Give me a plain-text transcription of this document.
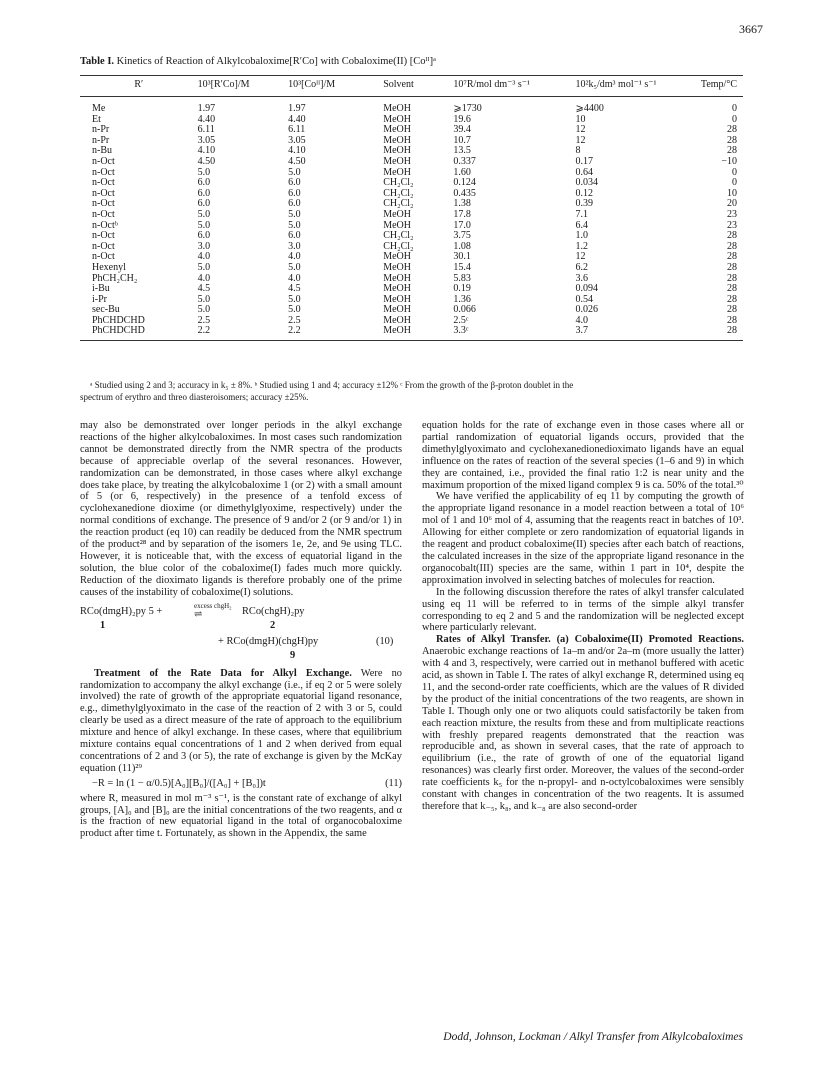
3667
Table I. Kinetics of Reaction of Alkylcobaloxime[R′Co] with Cobaloxime(II) [Coᴵᴵ]ᵃ
R′	10³[R′Co]/M	10³[Coᴵᴵ]/M	Solvent	10⁷R/mol dm⁻³ s⁻¹	10²k₅/dm³ mol⁻¹ s⁻¹	Temp/°C
Me	1.97	1.97	MeOH	⩾1730	⩾4400	0
Et	4.40	4.40	MeOH	19.6	10	0
n-Pr	6.11	6.11	MeOH	39.4	12	28
n-Pr	3.05	3.05	MeOH	10.7	12	28
n-Bu	4.10	4.10	MeOH	13.5	8	28
n-Oct	4.50	4.50	MeOH	0.337	0.17	−10
n-Oct	5.0	5.0	MeOH	1.60	0.64	0
n-Oct	6.0	6.0	CH₂Cl₂	0.124	0.034	0
n-Oct	6.0	6.0	CH₂Cl₂	0.435	0.12	10
n-Oct	6.0	6.0	CH₂Cl₂	1.38	0.39	20
n-Oct	5.0	5.0	MeOH	17.8	7.1	23
n-Octᵇ	5.0	5.0	MeOH	17.0	6.4	23
n-Oct	6.0	6.0	CH₂Cl₂	3.75	1.0	28
n-Oct	3.0	3.0	CH₂Cl₂	1.08	1.2	28
n-Oct	4.0	4.0	MeOH	30.1	12	28
Hexenyl	5.0	5.0	MeOH	15.4	6.2	28
PhCH₂CH₂	4.0	4.0	MeOH	5.83	3.6	28
i-Bu	4.5	4.5	MeOH	0.19	0.094	28
i-Pr	5.0	5.0	MeOH	1.36	0.54	28
sec-Bu	5.0	5.0	MeOH	0.066	0.026	28
PhCHDCHD	2.5	2.5	MeOH	2.5ᶜ	4.0	28
PhCHDCHD	2.2	2.2	MeOH	3.3ᶜ	3.7	28

ᵃ Studied using 2 and 3; accuracy in k₅ ± 8%. ᵇ Studied using 1 and 4; accuracy ±12% ᶜ From the growth of the β-proton doublet in the

spectrum of erythro and threo diasteroisomers; accuracy ±25%.

may also be demonstrated over longer periods in the alkyl exchange reactions of the higher alkylcobaloximes. In most cases such randomization cannot be demonstrated directly from the NMR spectra of the products because of appreciable overlap of the several resonances. However, randomization can be demonstrated, in those cases where alkyl exchange does take place, by treating the alkylcobaloxime 1 (or 2) with a small amount of 5 (or 6, respectively) in the presence of a tenfold excess of cyclohexanedione dioxime (or dimethylglyoxime, respectively) under the normal conditions of exchange. The presence of 9 and/or 2 (or 9 and/or 1) in the reaction product (eq 10) can readily be deduced from the NMR spectrum of the product²⁸ and by separation of the isomers 1e, 2e, and 9e using TLC. However, it is noticeable that, with the excess of equatorial ligand in the solution, the blue color of the cobaloxime(I) fades much more quickly. Reduction of the dioximato ligands is therefore probably one of the prime causes of the instability of cobaloxime(I) solutions.

RCo(dmgH)₂py 5 +	excess chgH₂
⇌	RCo(chgH)₂py
1	2
+ RCo(dmgH)(chgH)py	(10)
9

Treatment of the Rate Data for Alkyl Exchange. Were no randomization to accompany the alkyl exchange (i.e., if eq 2 or 5 were solely involved) the rate of growth of the appropriate equatorial ligand resonance, e.g., dimethylglyoximato in the case of the reaction of 2 with 3 or 5, could clearly be used as a direct measure of the rate of approach to the equilibrium mixture and hence of alkyl exchange. In these cases, where that equilibrium mixture contains equal concentrations of 1 and 2 when derived from equal concentrations of 2 and 3 (or 5), the rate of exchange is given by the McKay equation (11)²⁹

−R = ln (1 − α/0.5)[A₀][B₀]/([A₀] + [B₀])t	(11)

where R, measured in mol m⁻³ s⁻¹, is the constant rate of exchange of alkyl groups, [A]₀ and [B]₀ are the initial concentrations of the two reagents, and α is the fraction of new equatorial ligand in the total of organocobaloxime product after time t. Fortunately, as shown in the Appendix, the same

equation holds for the rate of exchange even in those cases where all or partial randomization of equatorial ligands occurs, provided that the dimethylglyoximato and cyclohexanedionedioximato ligands have an equal influence on the rates of reaction of the several species (1–6 and 9) in which they are contained, i.e., provided the final ratio 1:2 is near unity and the maximum proportion of the mixed ligand complex 9 is ca. 50% of the total.³⁰

We have verified the applicability of eq 11 by computing the growth of the appropriate ligand resonance in a model reaction between a total of 10⁶ mol of 1 and 10⁶ mol of 4, assuming that the reagents react in batches of 10³. Allowing for either complete or zero randomization of equatorial ligands in the reagent and product cobaloxime(II) species after each batch of reactions, the calculated increases in the size of the appropriate ligand resonance in the organocobalt(III) species are the same, within 1 part in 10⁴, despite the approximation involved in selecting batches of molecules for reaction.

In the following discussion therefore the rates of alkyl transfer calculated using eq 11 will be referred to in terms of the simple alkyl transfer corresponding to eq 2 and 5 and the randomization will be neglected except where particularly relevant.

Rates of Alkyl Transfer. (a) Cobaloxime(II) Promoted Reactions. Anaerobic exchange reactions of 1a–m and/or 2a–m (more usually the latter) with 4 and 3, respectively, were carried out in methanol buffered with acetic acid, as shown in Table I. The rates of alkyl exchange R, determined using eq 11, and the second-order rate coefficients, which are the values of R divided by the product of the initial concentrations of the two reagents, are shown in Table I. Though only one or two aliquots could satisfactorily be taken from each reaction mixture, the results from these and from multiplicate reactions with freshly prepared reagents demonstrated that the reaction was reproducible and, as shown in several cases, that the rate of approach to equilibrium (i.e., the rate of growth of one of the equatorial ligand resonances) was clearly first order. Moreover, the values of the second-order rate coefficients k₅ for the n-propyl- and n-octylcobaloximes were sensibly constant with changes in concentration of the two reagents. It is assumed therefore that k₋₅, k₈, and k₋₈ are also second-order

Dodd, Johnson, Lockman / Alkyl Transfer from Alkylcobaloximes
